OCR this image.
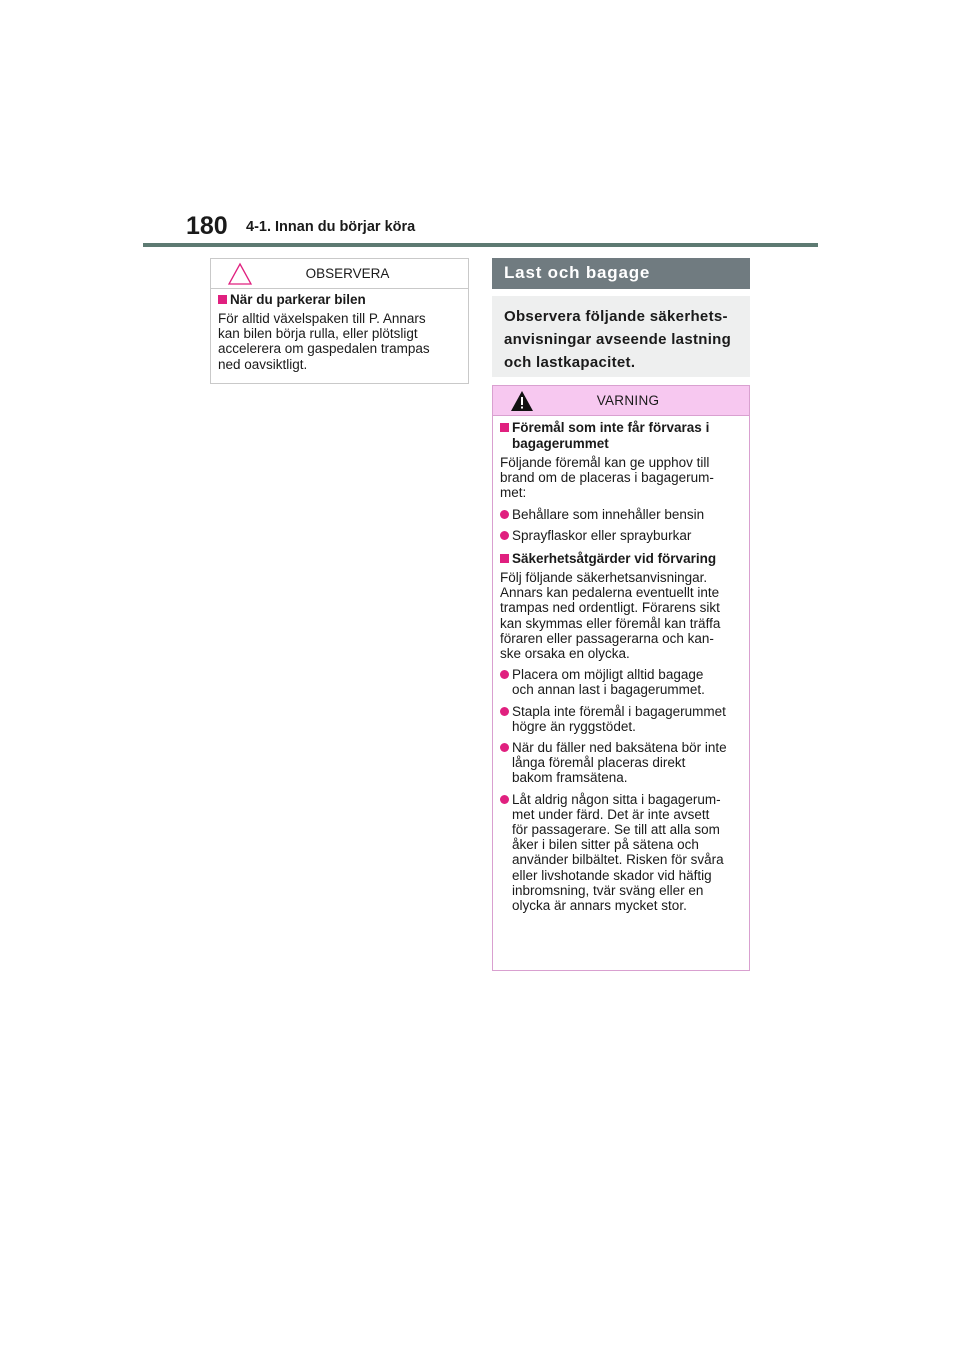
180 4-1. Innan du börjar köra
OBSERVERA
När du parkerar bilen
För alltid växelspaken till P. Annars
kan bilen börja rulla, eller plötsligt
accelerera om gaspedalen trampas
ned oavsiktligt.
Last och bagage
Observera följande säkerhets-
anvisningar avseende lastning
och lastkapacitet.
VARNING
Föremål som inte får förvaras i
bagagerummet
Följande föremål kan ge upphov till
brand om de placeras i bagagerum-
met:
Behållare som innehåller bensin
Sprayflaskor eller sprayburkar
Säkerhetsåtgärder vid förvaring
Följ följande säkerhetsanvisningar.
Annars kan pedalerna eventuellt inte
trampas ned ordentligt. Förarens sikt
kan skymmas eller föremål kan träffa
föraren eller passagerarna och kan-
ske orsaka en olycka.
Placera om möjligt alltid bagage
och annan last i bagagerummet.
Stapla inte föremål i bagagerummet
högre än ryggstödet.
När du fäller ned baksätena bör inte
långa föremål placeras direkt
bakom framsätena.
Låt aldrig någon sitta i bagagerum-
met under färd. Det är inte avsett
för passagerare. Se till att alla som
åker i bilen sitter på sätena och
använder bilbältet. Risken för svåra
eller livshotande skador vid häftig
inbromsning, tvär sväng eller en
olycka är annars mycket stor.
